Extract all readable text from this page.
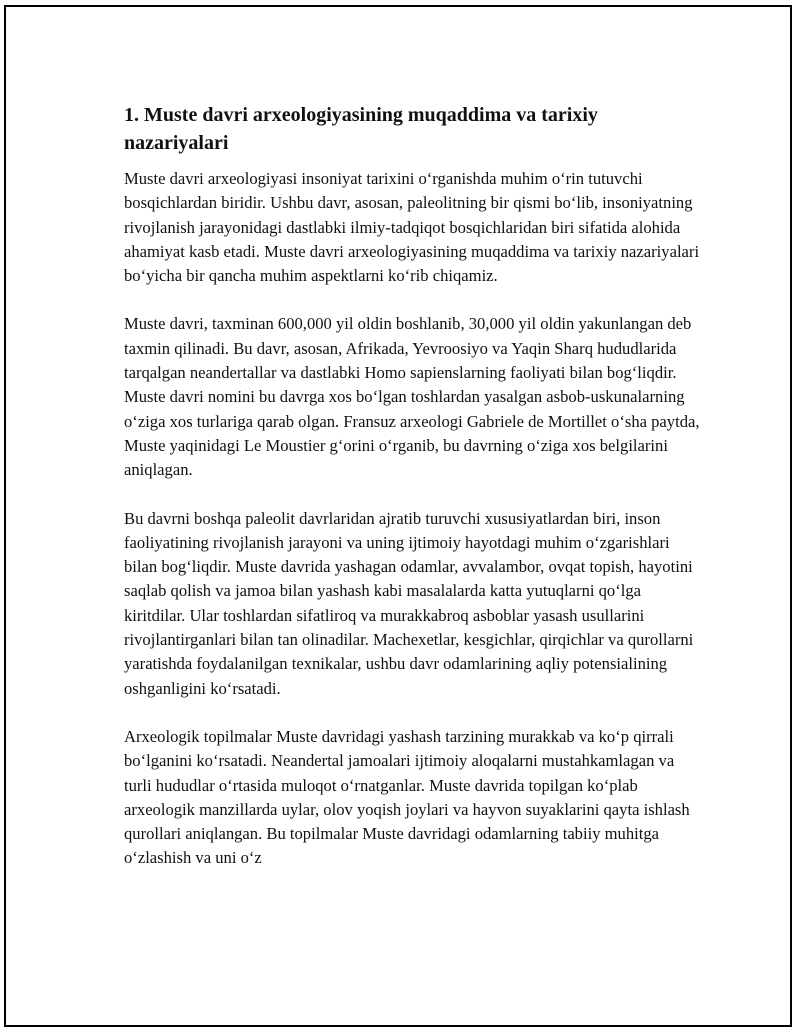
1. Muste davri arxeologiyasining muqaddima va tarixiy nazariyalari

Muste davri arxeologiyasi insoniyat tarixini o‘rganishda muhim o‘rin tutuvchi bosqichlardan biridir. Ushbu davr, asosan, paleolitning bir qismi bo‘lib, insoniyatning rivojlanish jarayonidagi dastlabki ilmiy-tadqiqot bosqichlaridan biri sifatida alohida ahamiyat kasb etadi. Muste davri arxeologiyasining muqaddima va tarixiy nazariyalari bo‘yicha bir qancha muhim aspektlarni ko‘rib chiqamiz.

Muste davri, taxminan 600,000 yil oldin boshlanib, 30,000 yil oldin yakunlangan deb taxmin qilinadi. Bu davr, asosan, Afrikada, Yevroosiyo va Yaqin Sharq hududlarida tarqalgan neandertallar va dastlabki Homo sapienslarning faoliyati bilan bog‘liqdir. Muste davri nomini bu davrga xos bo‘lgan toshlardan yasalgan asbob-uskunalarning o‘ziga xos turlariga qarab olgan. Fransuz arxeologi Gabriele de Mortillet o‘sha paytda, Muste yaqinidagi Le Moustier g‘orini o‘rganib, bu davrning o‘ziga xos belgilarini aniqlagan.

Bu davrni boshqa paleolit davrlaridan ajratib turuvchi xususiyatlardan biri, inson faoliyatining rivojlanish jarayoni va uning ijtimoiy hayotdagi muhim o‘zgarishlari bilan bog‘liqdir. Muste davrida yashagan odamlar, avvalambor, ovqat topish, hayotini saqlab qolish va jamoa bilan yashash kabi masalalarda katta yutuqlarni qo‘lga kiritdilar. Ular toshlardan sifatliroq va murakkabroq asboblar yasash usullarini rivojlantirganlari bilan tan olinadilar. Machexetlar, kesgichlar, qirqichlar va qurollarni yaratishda foydalanilgan texnikalar, ushbu davr odamlarining aqliy potensialining oshganligini ko‘rsatadi.

Arxeologik topilmalar Muste davridagi yashash tarzining murakkab va ko‘p qirrali bo‘lganini ko‘rsatadi. Neandertal jamoalari ijtimoiy aloqalarni mustahkamlagan va turli hududlar o‘rtasida muloqot o‘rnatganlar. Muste davrida topilgan ko‘plab arxeologik manzillarda uylar, olov yoqish joylari va hayvon suyaklarini qayta ishlash qurollari aniqlangan. Bu topilmalar Muste davridagi odamlarning tabiiy muhitga o‘zlashish va uni o‘z
